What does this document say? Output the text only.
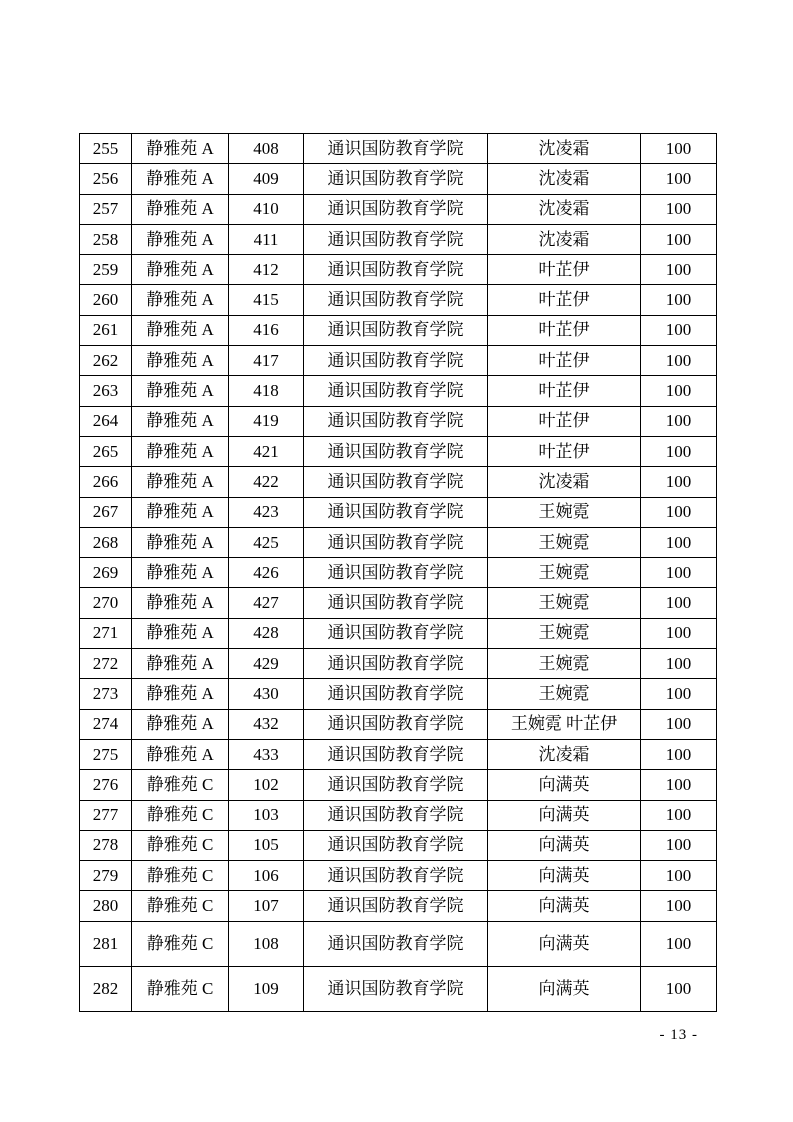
255	静雅苑 A	408	通识国防教育学院	沈凌霜	100
256	静雅苑 A	409	通识国防教育学院	沈凌霜	100
257	静雅苑 A	410	通识国防教育学院	沈凌霜	100
258	静雅苑 A	411	通识国防教育学院	沈凌霜	100
259	静雅苑 A	412	通识国防教育学院	叶芷伊	100
260	静雅苑 A	415	通识国防教育学院	叶芷伊	100
261	静雅苑 A	416	通识国防教育学院	叶芷伊	100
262	静雅苑 A	417	通识国防教育学院	叶芷伊	100
263	静雅苑 A	418	通识国防教育学院	叶芷伊	100
264	静雅苑 A	419	通识国防教育学院	叶芷伊	100
265	静雅苑 A	421	通识国防教育学院	叶芷伊	100
266	静雅苑 A	422	通识国防教育学院	沈凌霜	100
267	静雅苑 A	423	通识国防教育学院	王婉霓	100
268	静雅苑 A	425	通识国防教育学院	王婉霓	100
269	静雅苑 A	426	通识国防教育学院	王婉霓	100
270	静雅苑 A	427	通识国防教育学院	王婉霓	100
271	静雅苑 A	428	通识国防教育学院	王婉霓	100
272	静雅苑 A	429	通识国防教育学院	王婉霓	100
273	静雅苑 A	430	通识国防教育学院	王婉霓	100
274	静雅苑 A	432	通识国防教育学院	王婉霓 叶芷伊	100
275	静雅苑 A	433	通识国防教育学院	沈凌霜	100
276	静雅苑 C	102	通识国防教育学院	向满英	100
277	静雅苑 C	103	通识国防教育学院	向满英	100
278	静雅苑 C	105	通识国防教育学院	向满英	100
279	静雅苑 C	106	通识国防教育学院	向满英	100
280	静雅苑 C	107	通识国防教育学院	向满英	100
281	静雅苑 C	108	通识国防教育学院	向满英	100
282	静雅苑 C	109	通识国防教育学院	向满英	100
- 13 -
